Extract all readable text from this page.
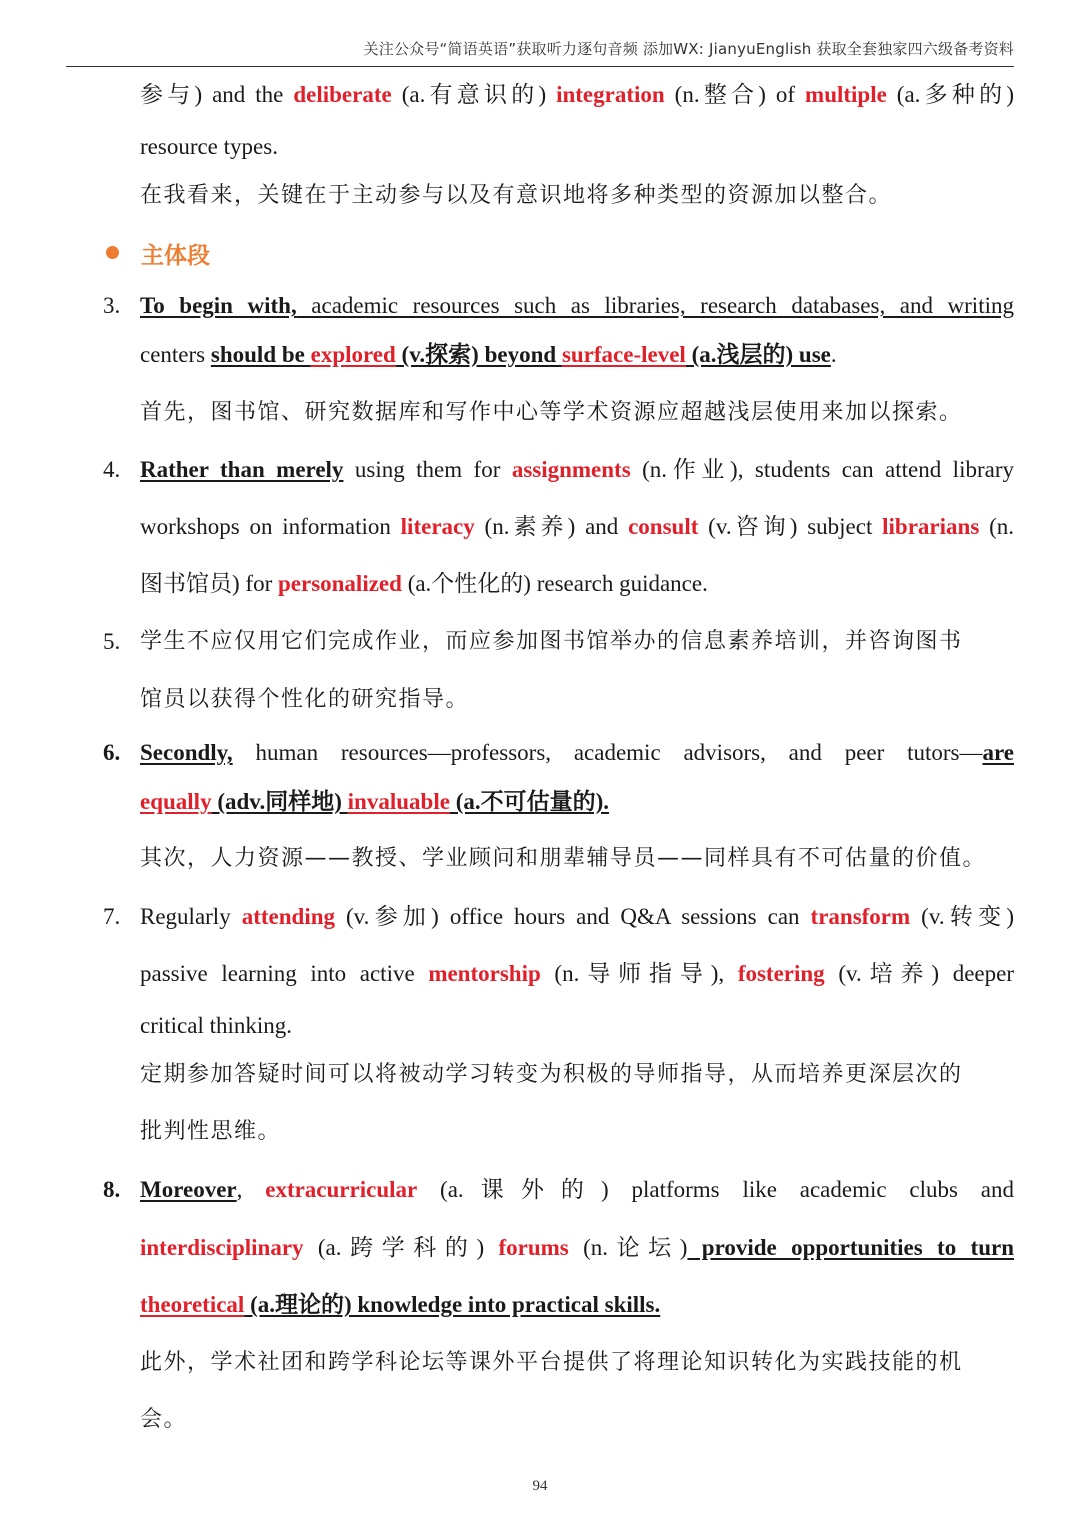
关注公众号“简语英语”获取听力逐句音频 添加WX: JianyuEnglish 获取全套独家四六级备考资料
参与) and the deliberate (a.有意识的) integration (n.整合) of multiple (a.多种的)
resource types.
在我看来，关键在于主动参与以及有意识地将多种类型的资源加以整合。
主体段
3. To begin with, academic resources such as libraries, research databases, and writing
centers should be explored (v.探索) beyond surface-level (a.浅层的) use.
首先，图书馆、研究数据库和写作中心等学术资源应超越浅层使用来加以探索。
4. Rather than merely using them for assignments (n.作业), students can attend library
workshops on information literacy (n.素养) and consult (v.咨询) subject librarians (n.
图书馆员) for personalized (a.个性化的) research guidance.
5. 学生不应仅用它们完成作业，而应参加图书馆举办的信息素养培训，并咨询图书
馆员以获得个性化的研究指导。
6. Secondly, human resources—professors, academic advisors, and peer tutors—are
equally (adv.同样地) invaluable (a.不可估量的).
其次，人力资源——教授、学业顾问和朋辈辅导员——同样具有不可估量的价值。
7. Regularly attending (v.参加) office hours and Q&A sessions can transform (v.转变)
passive learning into active mentorship (n.导师指导), fostering (v.培养) deeper
critical thinking.
定期参加答疑时间可以将被动学习转变为积极的导师指导，从而培养更深层次的
批判性思维。
8. Moreover, extracurricular (a.课外的) platforms like academic clubs and
interdisciplinary (a.跨学科的) forums (n.论坛) provide opportunities to turn
theoretical (a.理论的) knowledge into practical skills.
此外，学术社团和跨学科论坛等课外平台提供了将理论知识转化为实践技能的机
会。
94
